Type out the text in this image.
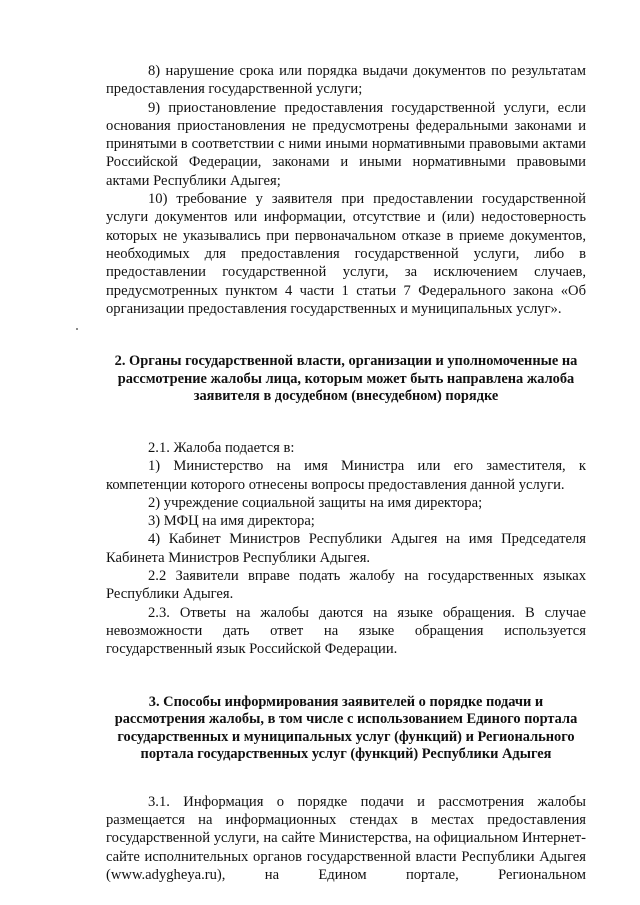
8) нарушение срока или порядка выдачи документов по результатам предоставления государственной услуги;

9) приостановление предоставления государственной услуги, если основания приостановления не предусмотрены федеральными законами и принятыми в соответствии с ними иными нормативными правовыми актами Российской Федерации, законами и иными нормативными правовыми актами Республики Адыгея;

10) требование у заявителя при предоставлении государственной услуги документов или информации, отсутствие и (или) недостоверность которых не указывались при первоначальном отказе в приеме документов, необходимых для предоставления государственной услуги, либо в предоставлении государственной услуги, за исключением случаев, предусмотренных пунктом 4 части 1 статьи 7 Федерального закона «Об организации предоставления государственных и муниципальных услуг».

2. Органы государственной власти, организации и уполномоченные на рассмотрение жалобы лица, которым может быть направлена жалоба заявителя в досудебном (внесудебном) порядке

2.1. Жалоба подается в:

1) Министерство на имя Министра или его заместителя, к компетенции которого отнесены вопросы предоставления данной услуги.

2) учреждение социальной защиты на имя директора;

3) МФЦ на имя директора;

4) Кабинет Министров Республики Адыгея на имя Председателя Кабинета Министров Республики Адыгея.

2.2 Заявители вправе подать жалобу на государственных языках Республики Адыгея.

2.3. Ответы на жалобы даются на языке обращения. В случае невозможности дать ответ на языке обращения используется государственный язык Российской Федерации.

3. Способы информирования заявителей о порядке подачи и рассмотрения жалобы, в том числе с использованием Единого портала государственных и муниципальных услуг (функций) и Регионального портала государственных услуг (функций) Республики Адыгея

3.1. Информация о порядке подачи и рассмотрения жалобы размещается на информационных стендах в местах предоставления государственной услуги, на сайте Министерства, на официальном Интернет-сайте исполнительных органов государственной власти Республики Адыгея (www.adygheya.ru), на Едином портале, Региональном
